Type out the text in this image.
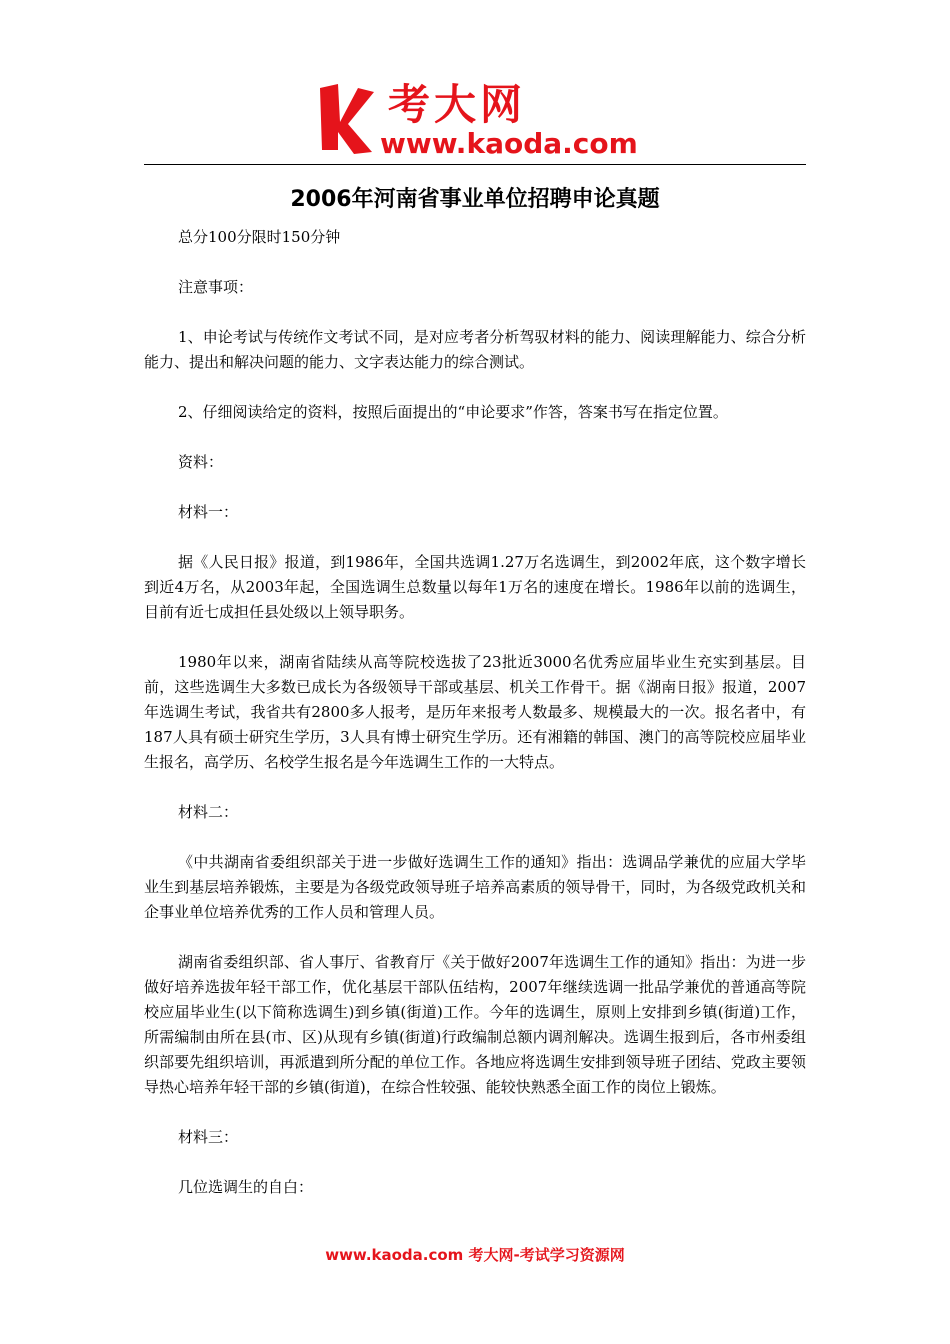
考大网
www.kaoda.com
2006年河南省事业单位招聘申论真题

总分100分限时150分钟

注意事项：

1、申论考试与传统作文考试不同，是对应考者分析驾驭材料的能力、阅读理解能力、综合分析能力、提出和解决问题的能力、文字表达能力的综合测试。

2、仔细阅读给定的资料，按照后面提出的“申论要求”作答，答案书写在指定位置。

资料：

材料一：

据《人民日报》报道，到1986年，全国共选调1.27万名选调生，到2002年底，这个数字增长到近4万名，从2003年起，全国选调生总数量以每年1万名的速度在增长。1986年以前的选调生，目前有近七成担任县处级以上领导职务。

1980年以来，湖南省陆续从高等院校选拔了23批近3000名优秀应届毕业生充实到基层。目前，这些选调生大多数已成长为各级领导干部或基层、机关工作骨干。据《湖南日报》报道，2007年选调生考试，我省共有2800多人报考，是历年来报考人数最多、规模最大的一次。报名者中，有187人具有硕士研究生学历，3人具有博士研究生学历。还有湘籍的韩国、澳门的高等院校应届毕业生报名，高学历、名校学生报名是今年选调生工作的一大特点。

材料二：

《中共湖南省委组织部关于进一步做好选调生工作的通知》指出：选调品学兼优的应届大学毕业生到基层培养锻炼，主要是为各级党政领导班子培养高素质的领导骨干，同时，为各级党政机关和企事业单位培养优秀的工作人员和管理人员。

湖南省委组织部、省人事厅、省教育厅《关于做好2007年选调生工作的通知》指出：为进一步做好培养选拔年轻干部工作，优化基层干部队伍结构，2007年继续选调一批品学兼优的普通高等院校应届毕业生(以下简称选调生)到乡镇(街道)工作。今年的选调生，原则上安排到乡镇(街道)工作，所需编制由所在县(市、区)从现有乡镇(街道)行政编制总额内调剂解决。选调生报到后，各市州委组织部要先组织培训，再派遣到所分配的单位工作。各地应将选调生安排到领导班子团结、党政主要领导热心培养年轻干部的乡镇(街道)，在综合性较强、能较快熟悉全面工作的岗位上锻炼。

材料三：

几位选调生的自白：

www.kaoda.com 考大网-考试学习资源网
